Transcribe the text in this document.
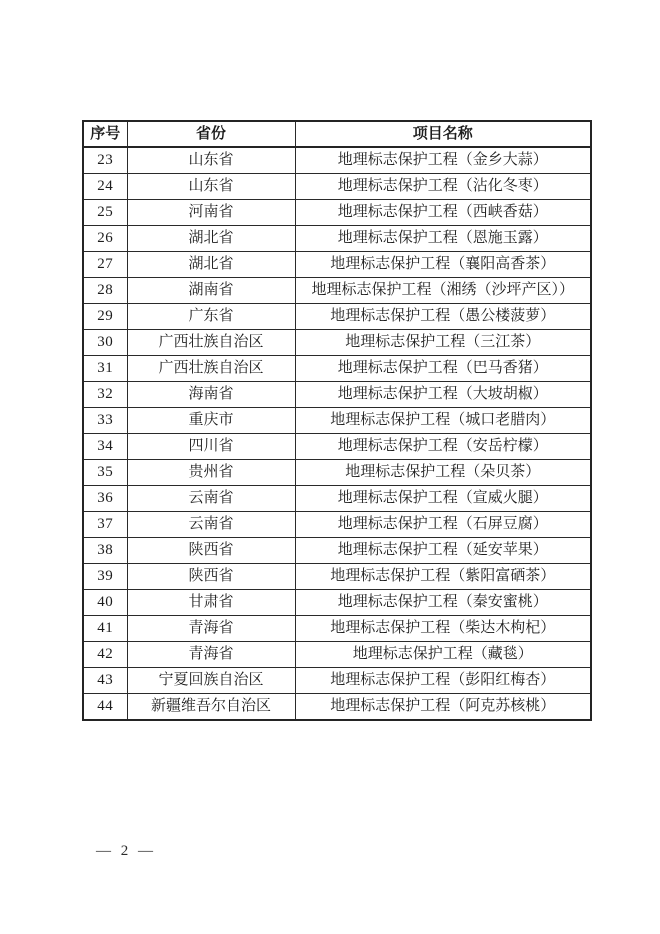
序号	省份	项目名称
23	山东省	地理标志保护工程（金乡大蒜）
24	山东省	地理标志保护工程（沾化冬枣）
25	河南省	地理标志保护工程（西峡香菇）
26	湖北省	地理标志保护工程（恩施玉露）
27	湖北省	地理标志保护工程（襄阳高香茶）
28	湖南省	地理标志保护工程（湘绣（沙坪产区））
29	广东省	地理标志保护工程（愚公楼菠萝）
30	广西壮族自治区	地理标志保护工程（三江茶）
31	广西壮族自治区	地理标志保护工程（巴马香猪）
32	海南省	地理标志保护工程（大坡胡椒）
33	重庆市	地理标志保护工程（城口老腊肉）
34	四川省	地理标志保护工程（安岳柠檬）
35	贵州省	地理标志保护工程（朵贝茶）
36	云南省	地理标志保护工程（宣威火腿）
37	云南省	地理标志保护工程（石屏豆腐）
38	陕西省	地理标志保护工程（延安苹果）
39	陕西省	地理标志保护工程（紫阳富硒茶）
40	甘肃省	地理标志保护工程（秦安蜜桃）
41	青海省	地理标志保护工程（柴达木枸杞）
42	青海省	地理标志保护工程（藏毯）
43	宁夏回族自治区	地理标志保护工程（彭阳红梅杏）
44	新疆维吾尔自治区	地理标志保护工程（阿克苏核桃）
— 2 —
